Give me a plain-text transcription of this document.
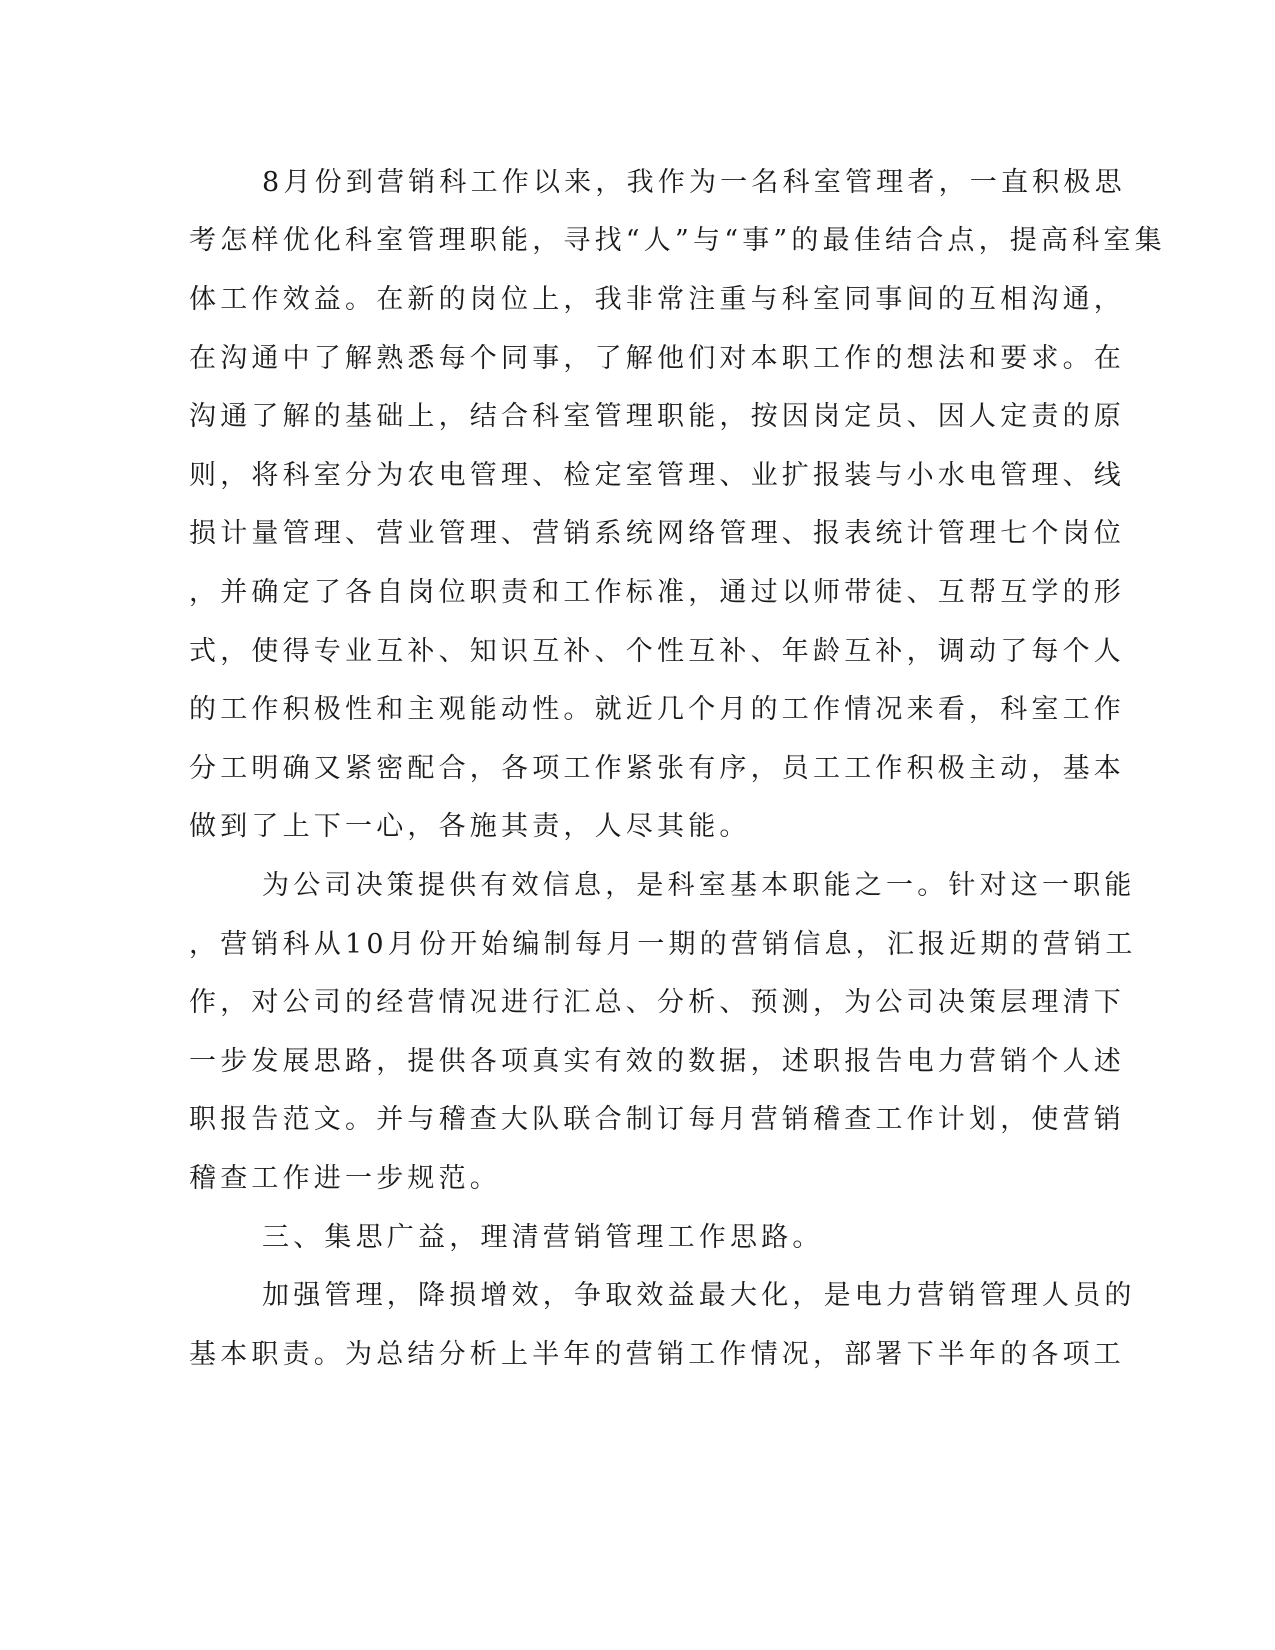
8月份到营销科工作以来，我作为一名科室管理者，一直积极思
考怎样优化科室管理职能，寻找“人”与“事”的最佳结合点，提高科室集
体工作效益。在新的岗位上，我非常注重与科室同事间的互相沟通，
在沟通中了解熟悉每个同事，了解他们对本职工作的想法和要求。在
沟通了解的基础上，结合科室管理职能，按因岗定员、因人定责的原
则，将科室分为农电管理、检定室管理、业扩报装与小水电管理、线
损计量管理、营业管理、营销系统网络管理、报表统计管理七个岗位
，并确定了各自岗位职责和工作标准，通过以师带徒、互帮互学的形
式，使得专业互补、知识互补、个性互补、年龄互补，调动了每个人
的工作积极性和主观能动性。就近几个月的工作情况来看，科室工作
分工明确又紧密配合，各项工作紧张有序，员工工作积极主动，基本
做到了上下一心，各施其责，人尽其能。
为公司决策提供有效信息，是科室基本职能之一。针对这一职能
，营销科从10月份开始编制每月一期的营销信息，汇报近期的营销工
作，对公司的经营情况进行汇总、分析、预测，为公司决策层理清下
一步发展思路，提供各项真实有效的数据，述职报告电力营销个人述
职报告范文。并与稽查大队联合制订每月营销稽查工作计划，使营销
稽查工作进一步规范。
三、集思广益，理清营销管理工作思路。
加强管理，降损增效，争取效益最大化，是电力营销管理人员的
基本职责。为总结分析上半年的营销工作情况，部署下半年的各项工
